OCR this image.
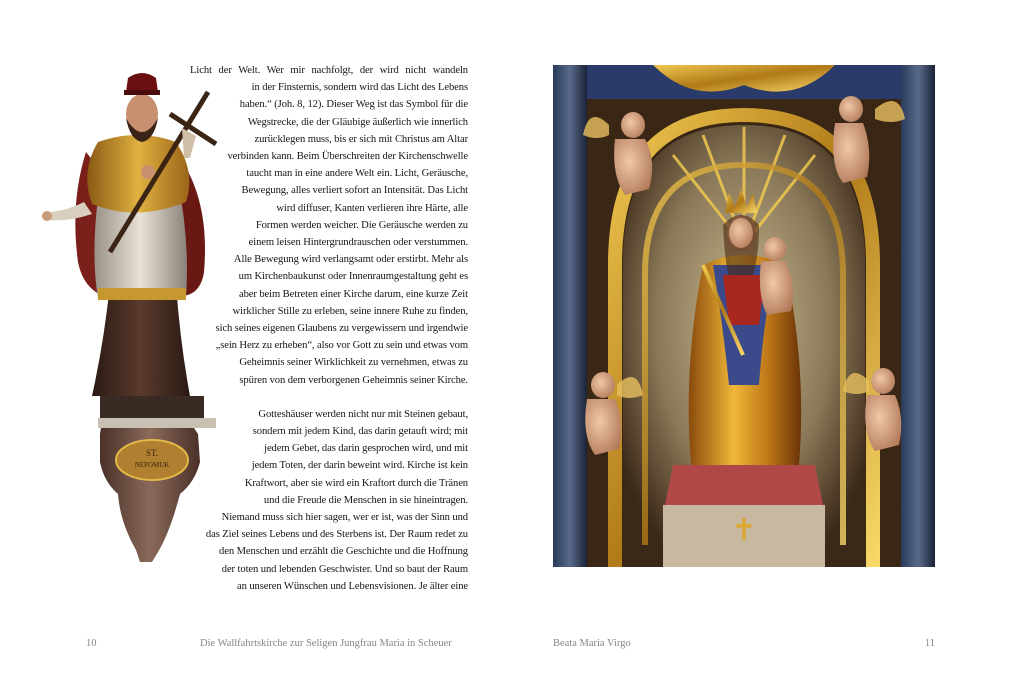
ST.
NEPOMUK
Licht der Welt. Wer mir nachfolgt, der wird nicht wandeln
in der Finsternis, sondern wird das Licht des Lebens
haben.“ (Joh. 8, 12). Dieser Weg ist das Symbol für die
Wegstrecke, die der Gläubige äußerlich wie innerlich
zurücklegen muss, bis er sich mit Christus am Altar
verbinden kann. Beim Überschreiten der Kirchenschwelle
taucht man in eine andere Welt ein. Licht, Geräusche,
Bewegung, alles verliert sofort an Intensität. Das Licht
wird diffuser, Kanten verlieren ihre Härte, alle
Formen werden weicher. Die Geräusche werden zu
einem leisen Hintergrundrauschen oder verstummen.
Alle Bewegung wird verlangsamt oder erstirbt. Mehr als
um Kirchenbaukunst oder Innenraumgestaltung geht es
aber beim Betreten einer Kirche darum, eine kurze Zeit
wirklicher Stille zu erleben, seine innere Ruhe zu finden,
sich seines eigenen Glaubens zu vergewissern und irgendwie
„sein Herz zu erheben“, also vor Gott zu sein und etwas vom
Geheimnis seiner Wirklichkeit zu vernehmen, etwas zu
spüren von dem verborgenen Geheimnis seiner Kirche.
Gotteshäuser werden nicht nur mit Steinen gebaut,
sondern mit jedem Kind, das darin getauft wird; mit
jedem Gebet, das darin gesprochen wird, und mit
jedem Toten, der darin beweint wird. Kirche ist kein
Kraftwort, aber sie wird ein Kraftort durch die Tränen
und die Freude die Menschen in sie hineintragen.
Niemand muss sich hier sagen, wer er ist, was der Sinn und
das Ziel seines Lebens und des Sterbens ist. Der Raum redet zu
den Menschen und erzählt die Geschichte und die Hoffnung
der toten und lebenden Geschwister. Und so baut der Raum
an unseren Wünschen und Lebensvisionen. Je älter eine
10	Die Wallfahrtskirche zur Seligen Jungfrau Maria in Scheuer
✝
Beata Maria Virgo	11
